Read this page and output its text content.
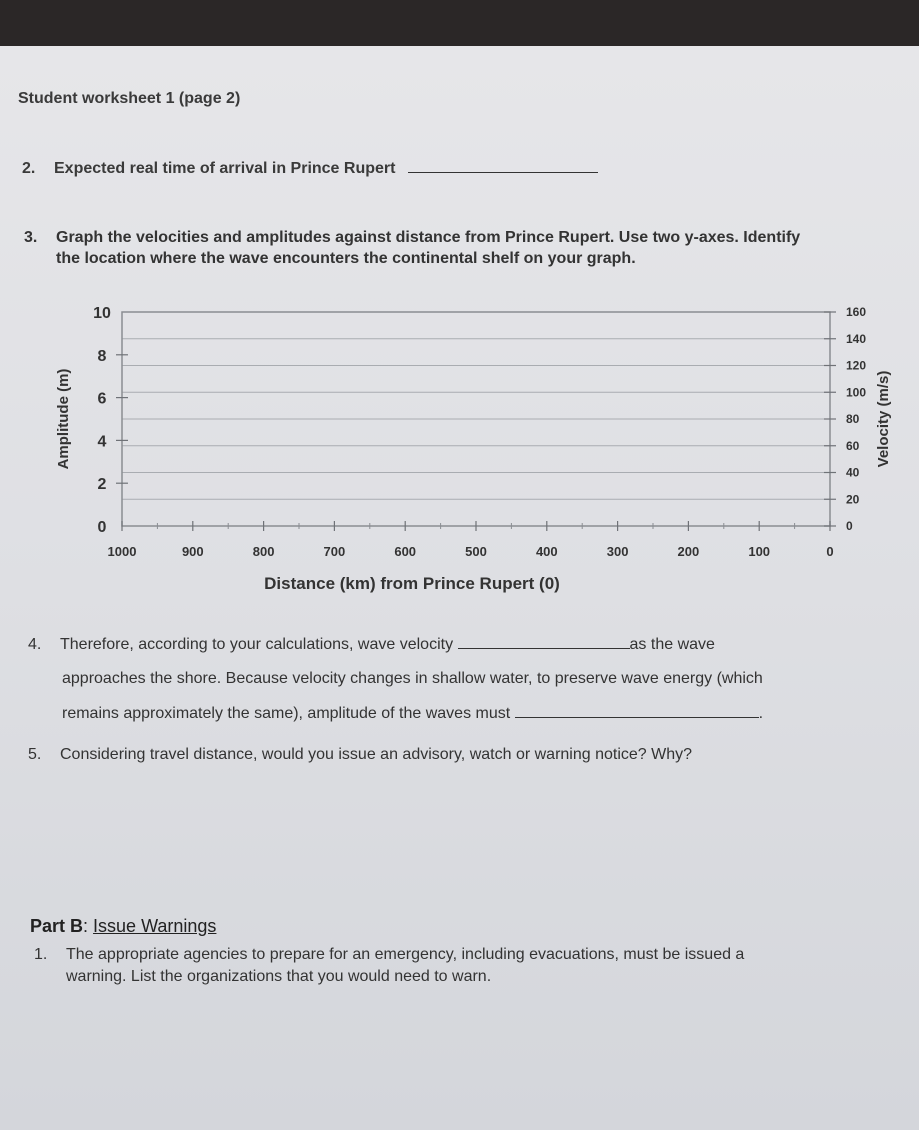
Student worksheet 1 (page 2)
2. Expected real time of arrival in Prince Rupert
3. Graph the velocities and amplitudes against distance from Prince Rupert. Use two y-axes. Identify
the location where the wave encounters the continental shelf on your graph.
10
8
6
4
2
0
160
140
120
100
80
60
40
20
0
1000	900	800	700	600	500	400	300	200	100	0
Amplitude (m)	Velocity (m/s)
Distance (km) from Prince Rupert (0)
4. Therefore, according to your calculations, wave velocity	as the wave
approaches the shore. Because velocity changes in shallow water, to preserve wave energy (which
remains approximately the same), amplitude of the waves must	.
5. Considering travel distance, would you issue an advisory, watch or warning notice? Why?
Part B: Issue Warnings
1. The appropriate agencies to prepare for an emergency, including evacuations, must be issued a
warning. List the organizations that you would need to warn.
